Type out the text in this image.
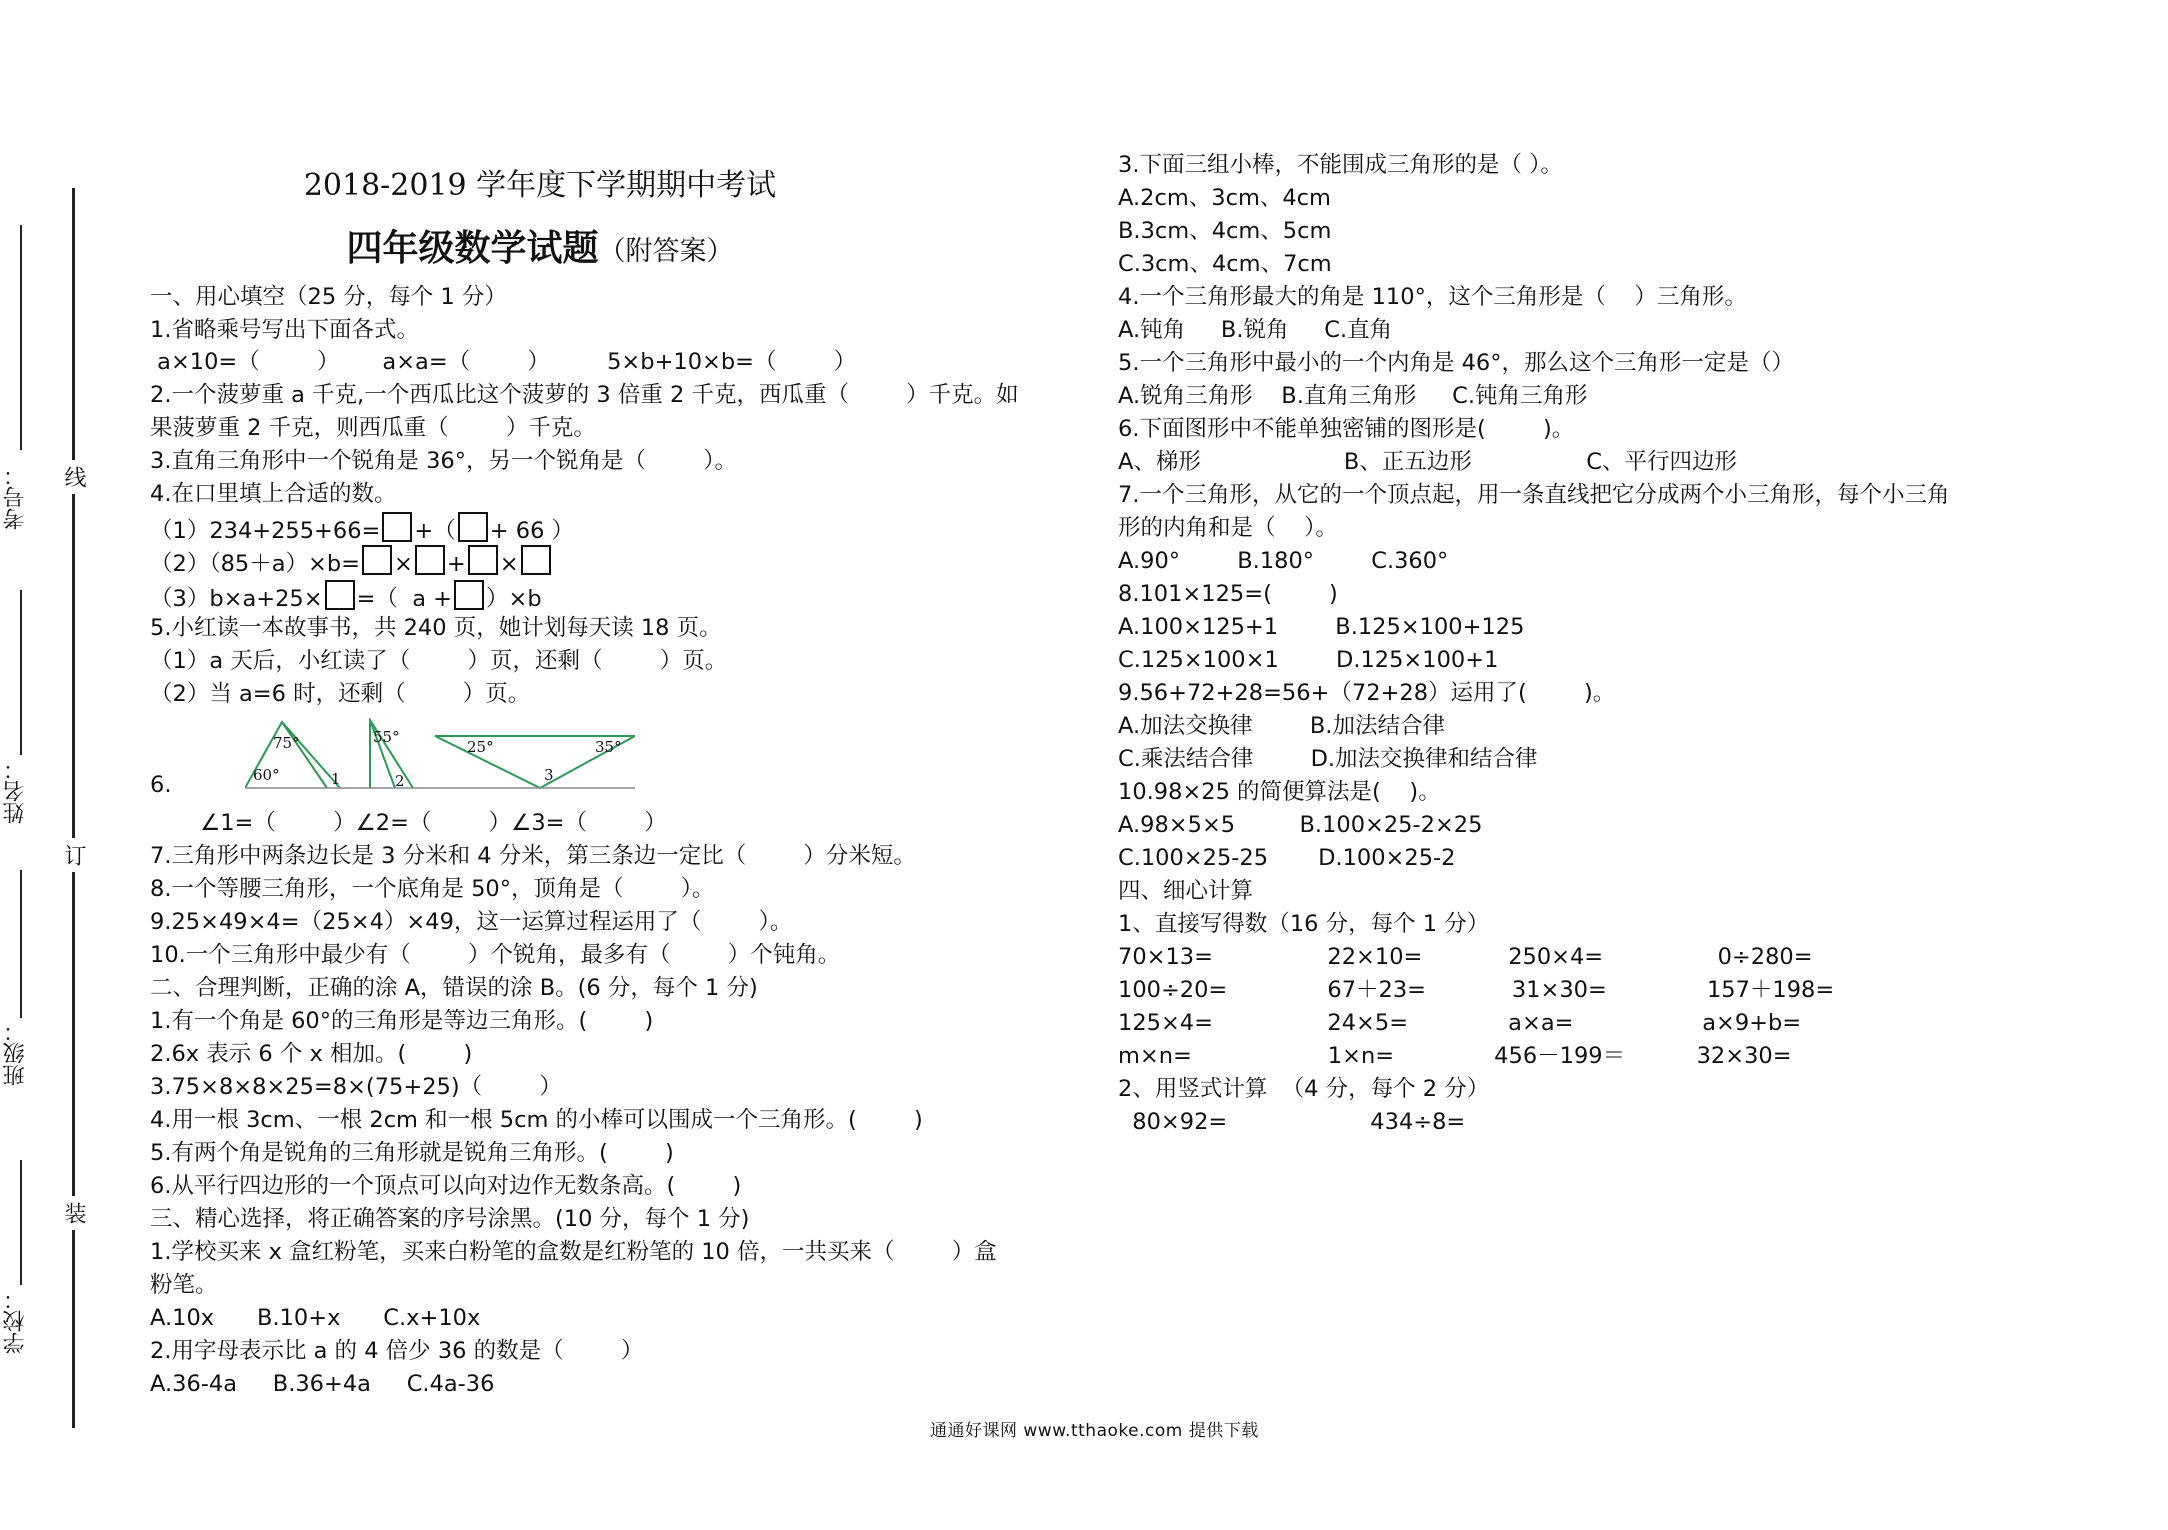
线
订
装
考号：
姓名：
班级：
学校：
2018-2019 学年度下学期期中考试
四年级数学试题（附答案）
一、用心填空（25 分，每个 1 分）
1.省略乘号写出下面各式。
a×10=（        ）      a×a=（        ）        5×b+10×b=（        ）
2.一个菠萝重 a 千克,一个西瓜比这个菠萝的 3 倍重 2 千克，西瓜重（        ）千克。如
果菠萝重 2 千克，则西瓜重（        ）千克。
3.直角三角形中一个锐角是 36°，另一个锐角是（        ）。
4.在口里填上合适的数。
（1）234+255+66= +（ + 66 ）
（2）（85＋a）×b= × + ×
（3）b×a+25× =（  a + ）×b
5.小红读一本故事书，共 240 页，她计划每天读 18 页。
（1）a 天后，小红读了（        ）页，还剩（        ）页。
（2）当 a=6 时，还剩（        ）页。
∠1=（        ）∠2=（        ）∠3=（        ）
7.三角形中两条边长是 3 分米和 4 分米，第三条边一定比（        ）分米短。
8.一个等腰三角形，一个底角是 50°，顶角是（        ）。
9.25×49×4=（25×4）×49，这一运算过程运用了（        ）。
10.一个三角形中最少有（        ）个锐角，最多有（        ）个钝角。
二、合理判断，正确的涂 A，错误的涂 B。(6 分，每个 1 分)
1.有一个角是 60°的三角形是等边三角形。(        )
2.6x 表示 6 个 x 相加。(        )
3.75×8×8×25=8×(75+25)（        ）
4.用一根 3cm、一根 2cm 和一根 5cm 的小棒可以围成一个三角形。(        )
5.有两个角是锐角的三角形就是锐角三角形。(        )
6.从平行四边形的一个顶点可以向对边作无数条高。(        )
三、精心选择，将正确答案的序号涂黑。(10 分，每个 1 分)
1.学校买来 x 盒红粉笔，买来白粉笔的盒数是红粉笔的 10 倍，一共买来（        ）盒
粉笔。
A.10x      B.10+x      C.x+10x
2.用字母表示比 a 的 4 倍少 36 的数是（        ）
A.36-4a     B.36+4a     C.4a-36
6.
75°
60°	1
55°
2
25°	35°
3
3.下面三组小棒，不能围成三角形的是（ ）。
A.2cm、3cm、4cm
B.3cm、4cm、5cm
C.3cm、4cm、7cm
4.一个三角形最大的角是 110°，这个三角形是（    ）三角形。
A.钝角     B.锐角     C.直角
5.一个三角形中最小的一个内角是 46°，那么这个三角形一定是（）
A.锐角三角形    B.直角三角形     C.钝角三角形
6.下面图形中不能单独密铺的图形是(        )。
A、梯形                    B、正五边形                C、平行四边形
7.一个三角形，从它的一个顶点起，用一条直线把它分成两个小三角形，每个小三角
形的内角和是（    ）。
A.90°        B.180°        C.360°
8.101×125=(        )
A.100×125+1        B.125×100+125
C.125×100×1        D.125×100+1
9.56+72+28=56+（72+28）运用了(        )。
A.加法交换律        B.加法结合律
C.乘法结合律        D.加法交换律和结合律
10.98×25 的简便算法是(    )。
A.98×5×5         B.100×25-2×25
C.100×25-25       D.100×25-2
四、细心计算
1、直接写得数（16 分，每个 1 分）
70×13=                22×10=            250×4=                0÷280=
100÷20=              67＋23=            31×30=              157＋198=
125×4=                24×5=              a×a=                  a×9+b=
m×n=                   1×n=              456－199＝          32×30=
2、用竖式计算  （4 分，每个 2 分）
80×92=                    434÷8=
通通好课网 www.tthaoke.com 提供下载
